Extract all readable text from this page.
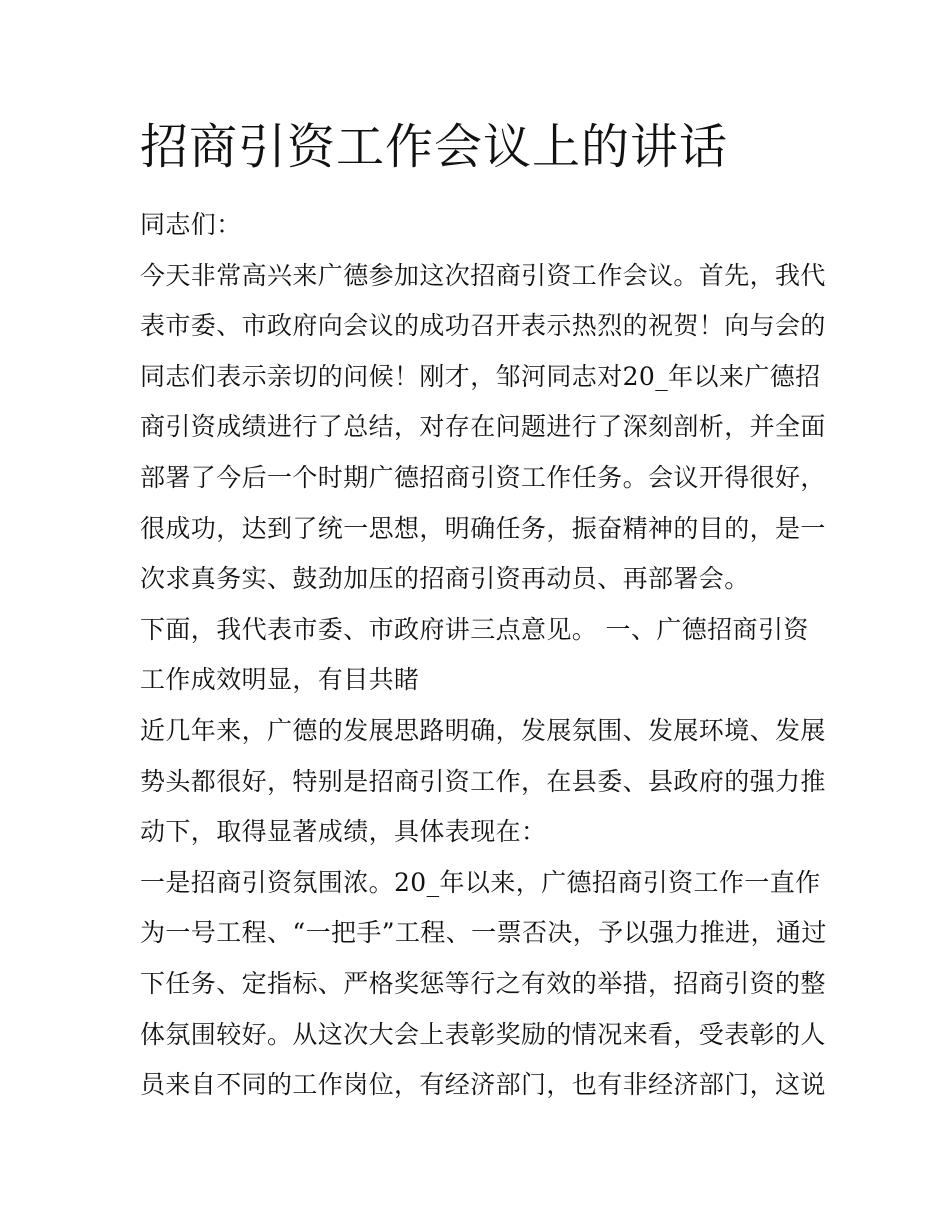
招商引资工作会议上的讲话

同志们：

今天非常高兴来广德参加这次招商引资工作会议。首先，我代

表市委、市政府向会议的成功召开表示热烈的祝贺！向与会的

同志们表示亲切的问候！刚才，邹河同志对20_年以来广德招

商引资成绩进行了总结，对存在问题进行了深刻剖析，并全面

部署了今后一个时期广德招商引资工作任务。会议开得很好，

很成功，达到了统一思想，明确任务，振奋精神的目的，是一

次求真务实、鼓劲加压的招商引资再动员、再部署会。

下面，我代表市委、市政府讲三点意见。 一、广德招商引资

工作成效明显，有目共睹

近几年来，广德的发展思路明确，发展氛围、发展环境、发展

势头都很好，特别是招商引资工作，在县委、县政府的强力推

动下，取得显著成绩，具体表现在：

一是招商引资氛围浓。20_年以来，广德招商引资工作一直作

为一号工程、“一把手”工程、一票否决，予以强力推进，通过

下任务、定指标、严格奖惩等行之有效的举措，招商引资的整

体氛围较好。从这次大会上表彰奖励的情况来看，受表彰的人

员来自不同的工作岗位，有经济部门，也有非经济部门，这说
